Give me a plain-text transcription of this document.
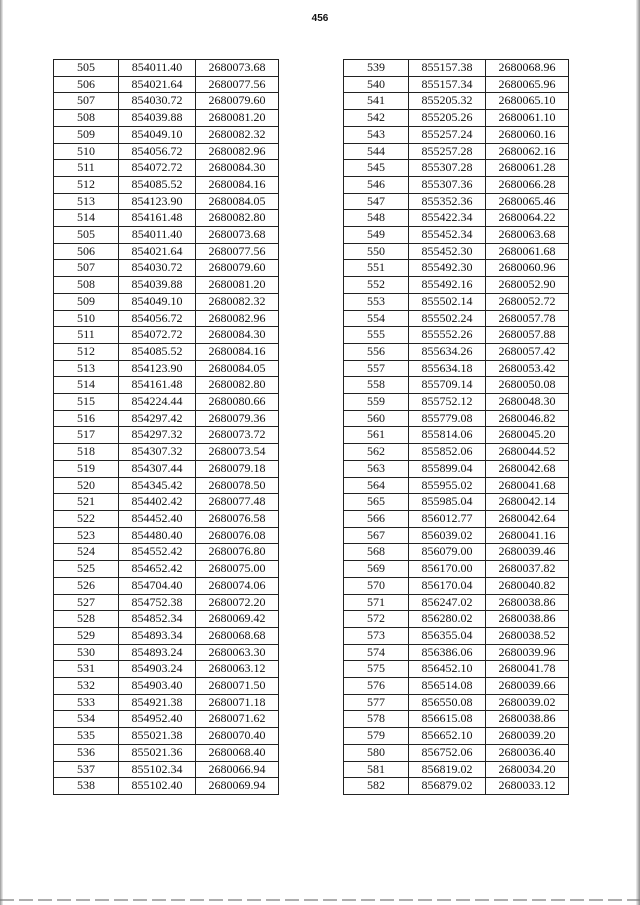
456
505	854011.40	2680073.68
506	854021.64	2680077.56
507	854030.72	2680079.60
508	854039.88	2680081.20
509	854049.10	2680082.32
510	854056.72	2680082.96
511	854072.72	2680084.30
512	854085.52	2680084.16
513	854123.90	2680084.05
514	854161.48	2680082.80
505	854011.40	2680073.68
506	854021.64	2680077.56
507	854030.72	2680079.60
508	854039.88	2680081.20
509	854049.10	2680082.32
510	854056.72	2680082.96
511	854072.72	2680084.30
512	854085.52	2680084.16
513	854123.90	2680084.05
514	854161.48	2680082.80
515	854224.44	2680080.66
516	854297.42	2680079.36
517	854297.32	2680073.72
518	854307.32	2680073.54
519	854307.44	2680079.18
520	854345.42	2680078.50
521	854402.42	2680077.48
522	854452.40	2680076.58
523	854480.40	2680076.08
524	854552.42	2680076.80
525	854652.42	2680075.00
526	854704.40	2680074.06
527	854752.38	2680072.20
528	854852.34	2680069.42
529	854893.34	2680068.68
530	854893.24	2680063.30
531	854903.24	2680063.12
532	854903.40	2680071.50
533	854921.38	2680071.18
534	854952.40	2680071.62
535	855021.38	2680070.40
536	855021.36	2680068.40
537	855102.34	2680066.94
538	855102.40	2680069.94
539	855157.38	2680068.96
540	855157.34	2680065.96
541	855205.32	2680065.10
542	855205.26	2680061.10
543	855257.24	2680060.16
544	855257.28	2680062.16
545	855307.28	2680061.28
546	855307.36	2680066.28
547	855352.36	2680065.46
548	855422.34	2680064.22
549	855452.34	2680063.68
550	855452.30	2680061.68
551	855492.30	2680060.96
552	855492.16	2680052.90
553	855502.14	2680052.72
554	855502.24	2680057.78
555	855552.26	2680057.88
556	855634.26	2680057.42
557	855634.18	2680053.42
558	855709.14	2680050.08
559	855752.12	2680048.30
560	855779.08	2680046.82
561	855814.06	2680045.20
562	855852.06	2680044.52
563	855899.04	2680042.68
564	855955.02	2680041.68
565	855985.04	2680042.14
566	856012.77	2680042.64
567	856039.02	2680041.16
568	856079.00	2680039.46
569	856170.00	2680037.82
570	856170.04	2680040.82
571	856247.02	2680038.86
572	856280.02	2680038.86
573	856355.04	2680038.52
574	856386.06	2680039.96
575	856452.10	2680041.78
576	856514.08	2680039.66
577	856550.08	2680039.02
578	856615.08	2680038.86
579	856652.10	2680039.20
580	856752.06	2680036.40
581	856819.02	2680034.20
582	856879.02	2680033.12
